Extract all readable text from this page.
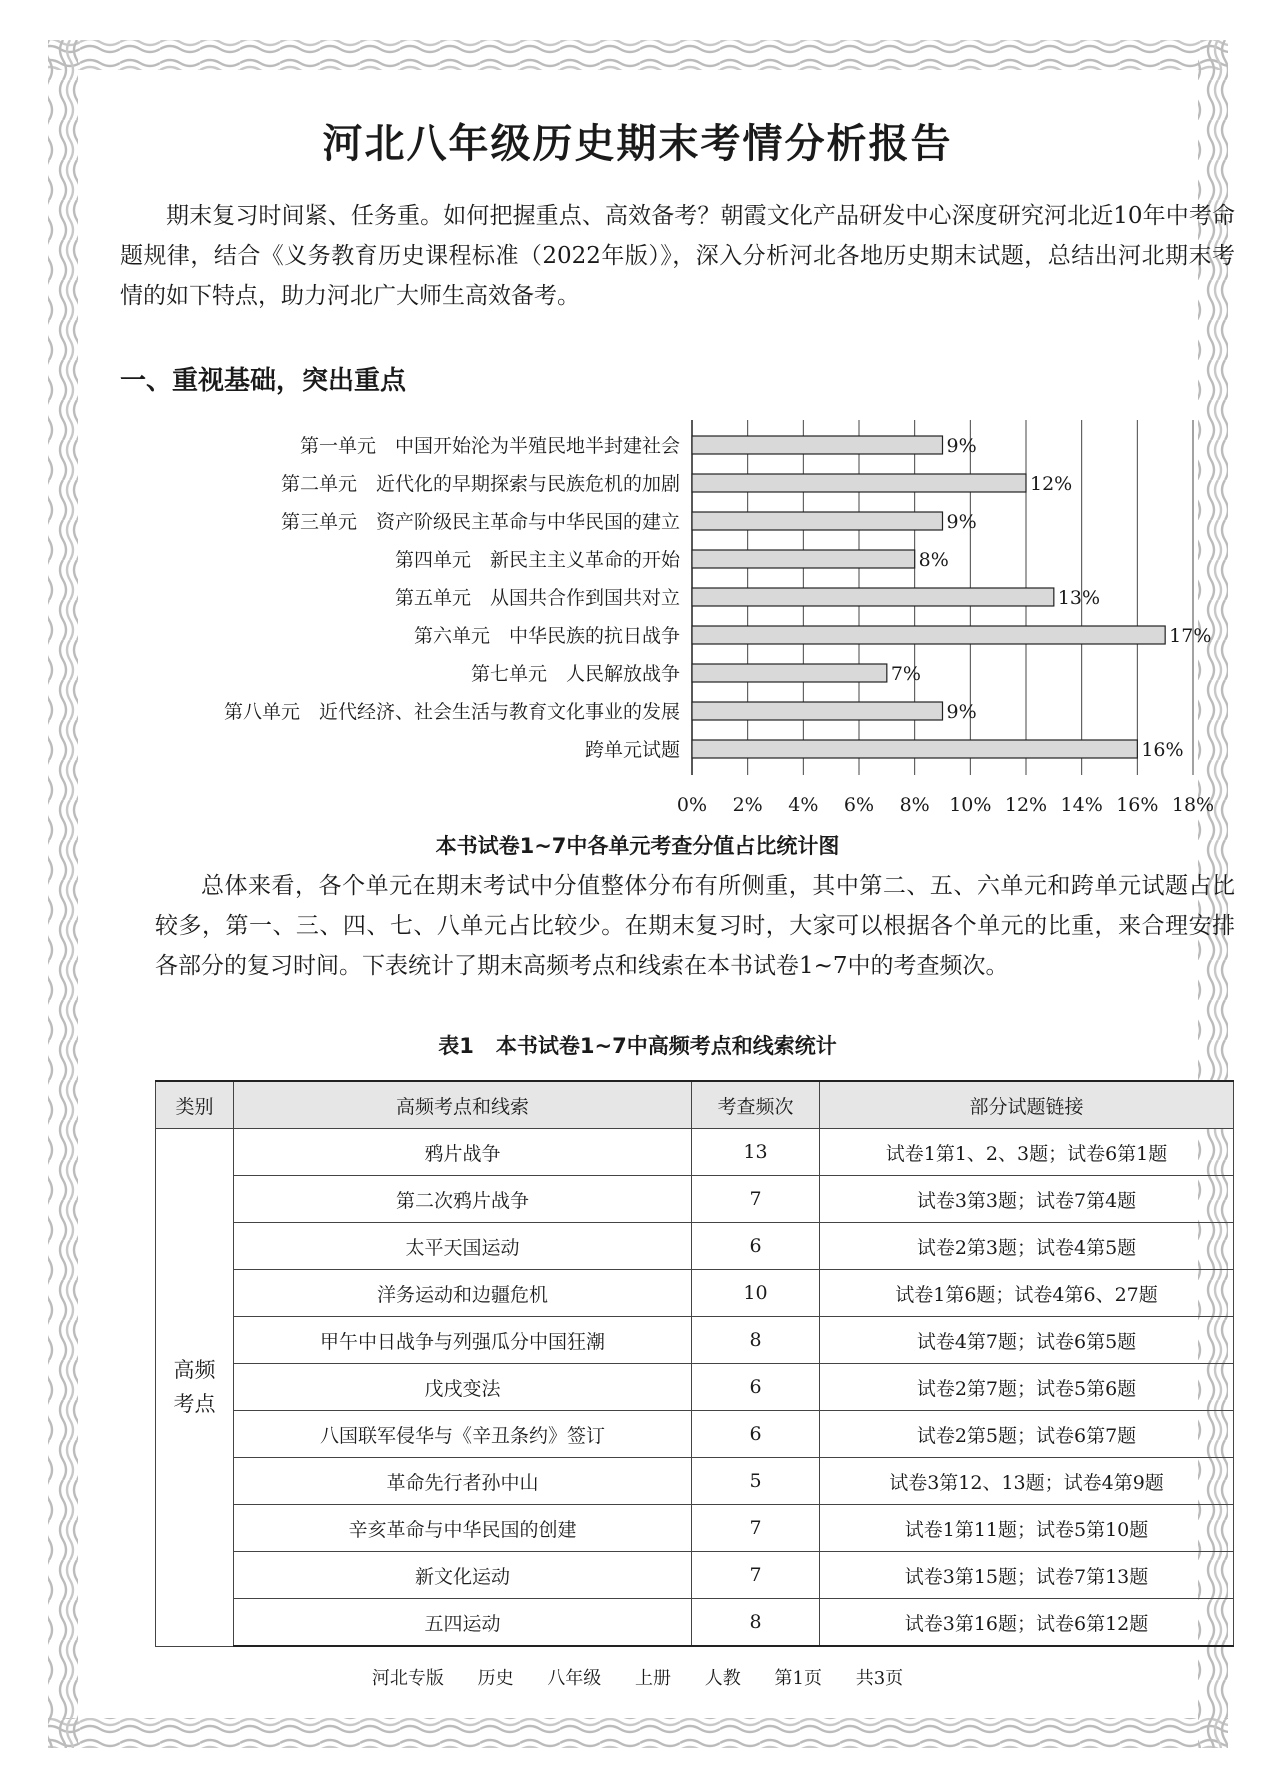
河北八年级历史期末考情分析报告

期末复习时间紧、任务重。如何把握重点、高效备考？朝霞文化产品研发中心深度研究河北近10年中考命题规律，结合《义务教育历史课程标准（2022年版）》，深入分析河北各地历史期末试题，总结出河北期末考情的如下特点，助力河北广大师生高效备考。

一、重视基础，突出重点
第一单元　中国开始沦为半殖民地半封建社会	9%
第二单元　近代化的早期探索与民族危机的加剧	12%
第三单元　资产阶级民主革命与中华民国的建立	9%
第四单元　新民主主义革命的开始	8%
第五单元　从国共合作到国共对立	13%
第六单元　中华民族的抗日战争	17%
第七单元　人民解放战争	7%
第八单元　近代经济、社会生活与教育文化事业的发展	9%
跨单元试题	16%
0% 2% 4% 6% 8% 10% 12% 14% 16% 18%

本书试卷1~7中各单元考查分值占比统计图

总体来看，各个单元在期末考试中分值整体分布有所侧重，其中第二、五、六单元和跨单元试题占比较多，第一、三、四、七、八单元占比较少。在期末复习时，大家可以根据各个单元的比重，来合理安排各部分的复习时间。下表统计了期末高频考点和线索在本书试卷1~7中的考查频次。

表1 本书试卷1~7中高频考点和线索统计

类别	高频考点和线索	考查频次	部分试题链接

高频
考点	鸦片战争	13	试卷1第1、2、3题；试卷6第1题
	第二次鸦片战争	7	试卷3第3题；试卷7第4题
	太平天国运动	6	试卷2第3题；试卷4第5题
	洋务运动和边疆危机	10	试卷1第6题；试卷4第6、27题
	甲午中日战争与列强瓜分中国狂潮	8	试卷4第7题；试卷6第5题
	戊戌变法	6	试卷2第7题；试卷5第6题
	八国联军侵华与《辛丑条约》签订	6	试卷2第5题；试卷6第7题
	革命先行者孙中山	5	试卷3第12、13题；试卷4第9题
	辛亥革命与中华民国的创建	7	试卷1第11题；试卷5第10题
	新文化运动	7	试卷3第15题；试卷7第13题
	五四运动	8	试卷3第16题；试卷6第12题

河北专版 历史 八年级 上册 人教 第1页 共3页
